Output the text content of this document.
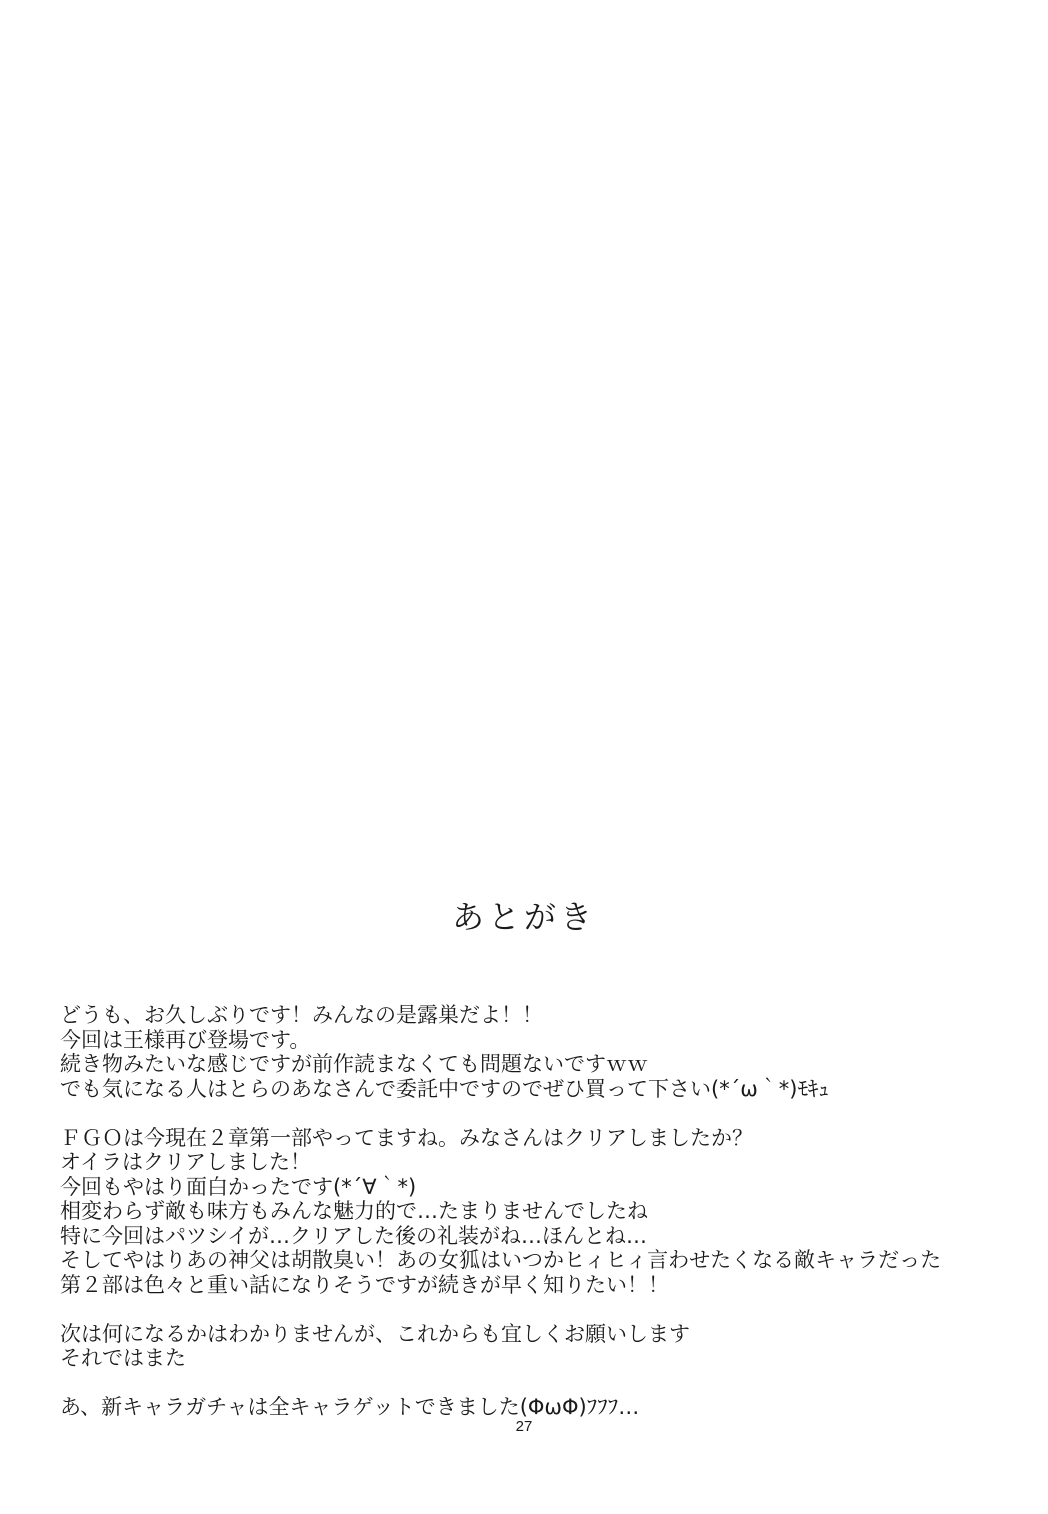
あとがき
どうも、お久しぶりです！みんなの是露巣だよ！！
今回は王様再び登場です。
続き物みたいな感じですが前作読まなくても問題ないですｗｗ
でも気になる人はとらのあなさんで委託中ですのでぜひ買って下さい(*´ω｀*)ﾓｷｭ
ＦＧＯは今現在２章第一部やってますね。みなさんはクリアしましたか？
オイラはクリアしました！
今回もやはり面白かったです(*´∀｀*)
相変わらず敵も味方もみんな魅力的で…たまりませんでしたね
特に今回はパツシイが…クリアした後の礼装がね…ほんとね…
そしてやはりあの神父は胡散臭い！あの女狐はいつかヒィヒィ言わせたくなる敵キャラだった
第２部は色々と重い話になりそうですが続きが早く知りたい！！
次は何になるかはわかりませんが、これからも宜しくお願いします
それではまた
あ、新キャラガチャは全キャラゲットできました(ΦωΦ)ﾌﾌﾌ…
27
